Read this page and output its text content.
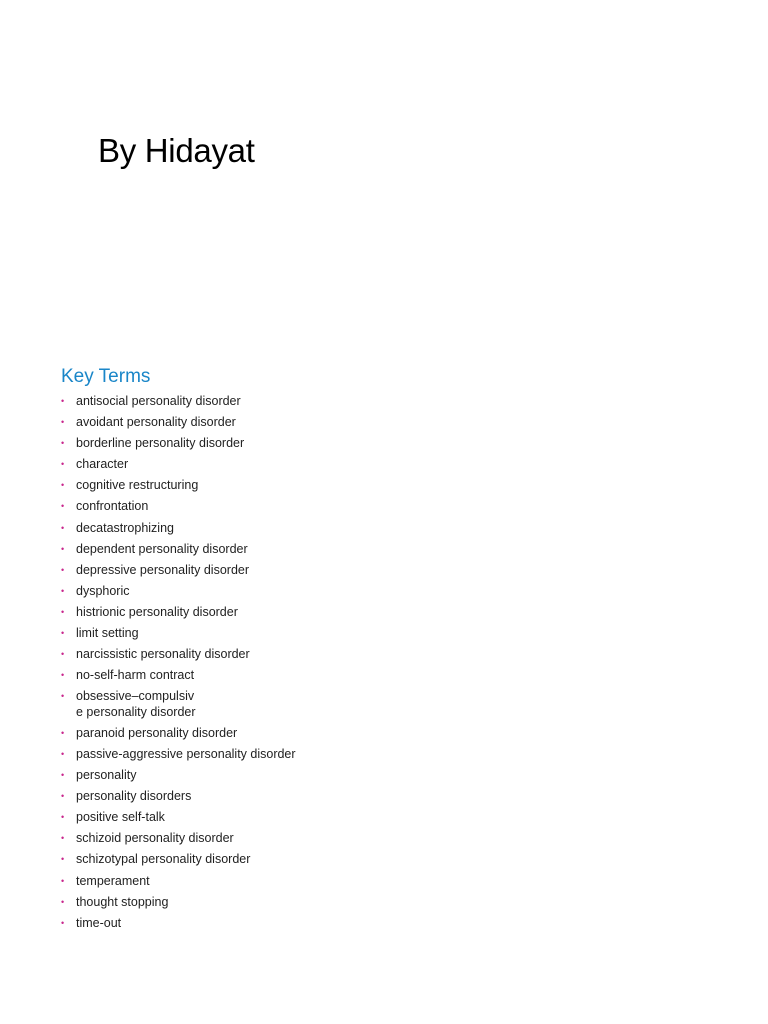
By Hidayat
Key Terms
• antisocial personality disorder
• avoidant personality disorder
• borderline personality disorder
• character
• cognitive restructuring
• confrontation
• decatastrophizing
• dependent personality disorder
• depressive personality disorder
• dysphoric
• histrionic personality disorder
• limit setting
• narcissistic personality disorder
• no-self-harm contract
• obsessive–compulsive personality disorder
• paranoid personality disorder
• passive-aggressive personality disorder
• personality
• personality disorders
• positive self-talk
• schizoid personality disorder
• schizotypal personality disorder
• temperament
• thought stopping
• time-out
